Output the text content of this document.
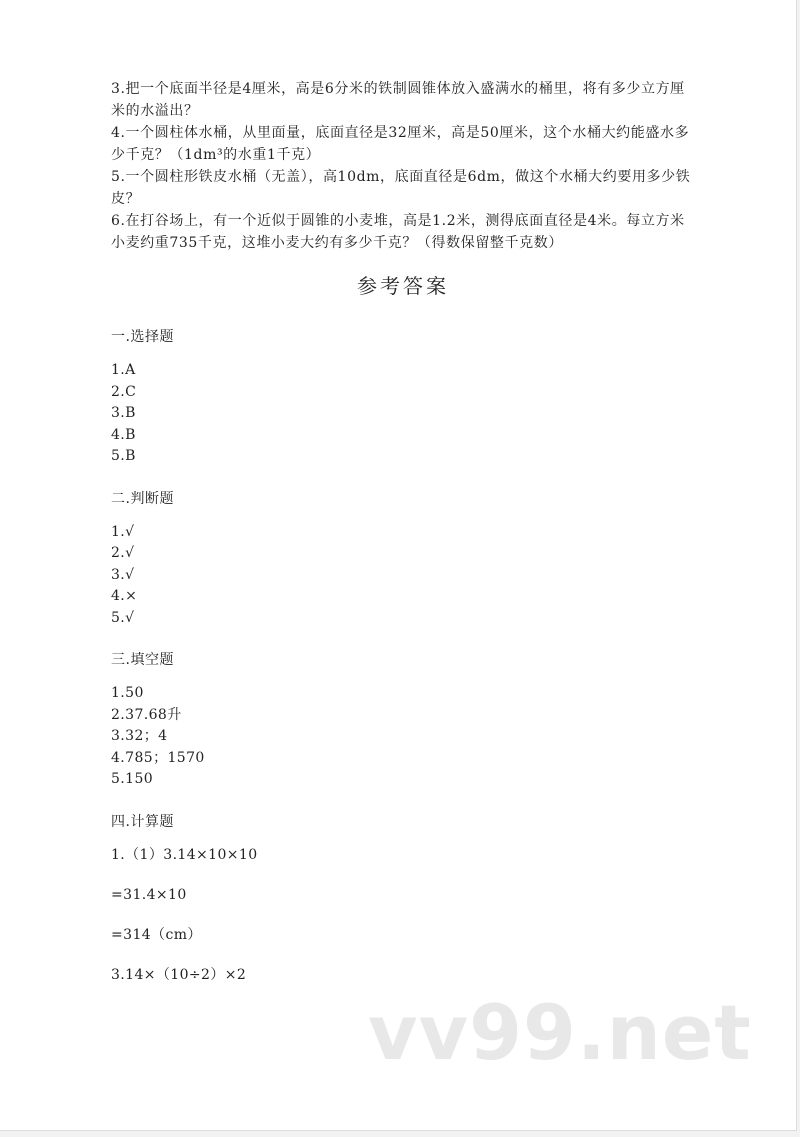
3.把一个底面半径是4厘米，高是6分米的铁制圆锥体放入盛满水的桶里，将有多少立方厘米的水溢出？

4.一个圆柱体水桶，从里面量，底面直径是32厘米，高是50厘米，这个水桶大约能盛水多少千克？（1dm³的水重1千克）

5.一个圆柱形铁皮水桶（无盖），高10dm，底面直径是6dm，做这个水桶大约要用多少铁皮？

6.在打谷场上，有一个近似于圆锥的小麦堆，高是1.2米，测得底面直径是4米。每立方米小麦约重735千克，这堆小麦大约有多少千克？（得数保留整千克数）

参考答案
一.选择题
1.A
2.C
3.B
4.B
5.B
二.判断题
1.√
2.√
3.√
4.×
5.√
三.填空题
1.50
2.37.68升
3.32；4
4.785；1570
5.150
四.计算题
1.（1）3.14×10×10
=31.4×10
=314（cm）
3.14×（10÷2）×2
vv99.net
